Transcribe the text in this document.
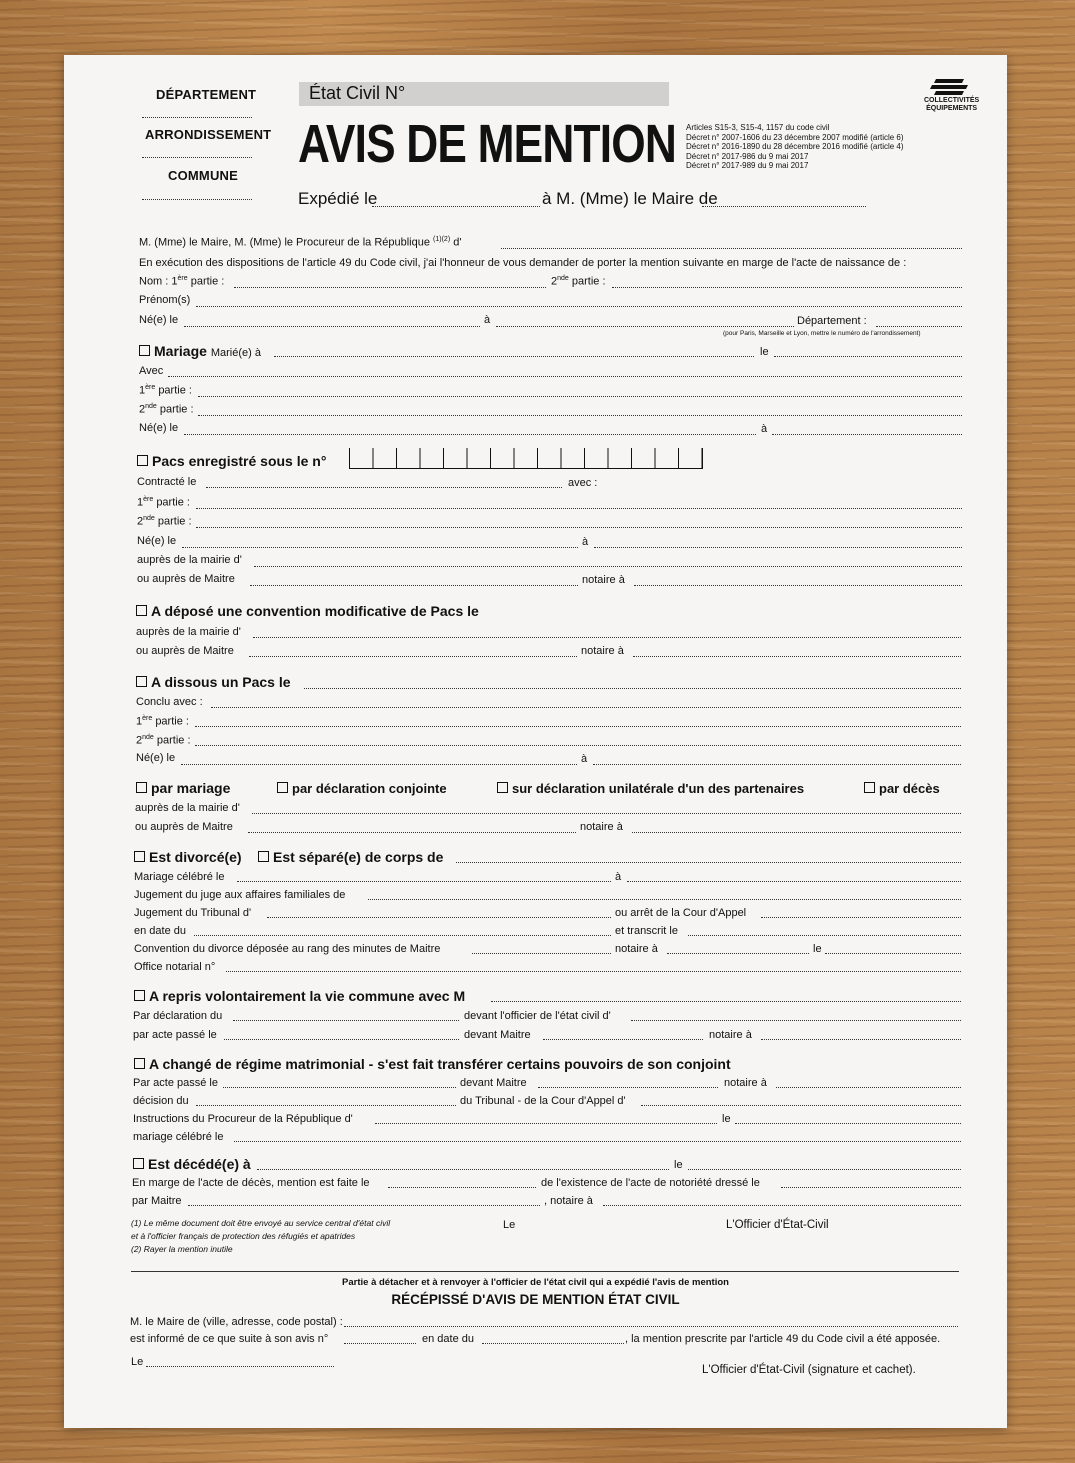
DÉPARTEMENT
ARRONDISSEMENT
COMMUNE
État Civil N°
AVIS DE MENTION
Expédié le	à M. (Mme) le Maire de
Articles S15-3, S15-4, 1157 du code civil
Décret n° 2007-1606 du 23 décembre 2007 modifié (article 6)
Décret n° 2016-1890 du 28 décembre 2016 modifié (article 4)
Décret n° 2017-986 du 9 mai 2017
Décret n° 2017-989 du 9 mai 2017
COLLECTIVITÉS
ÉQUIPEMENTS
M. (Mme) le Maire, M. (Mme) le Procureur de la République $^{(1)(2)}$ d'
En exécution des dispositions de l'article 49 du Code civil, j'ai l'honneur de vous demander de porter la mention suivante en marge de l'acte de naissance de :
Nom : 1ère partie :	2nde partie :
Prénom(s)
Né(e) le	à	Département :
(pour Paris, Marseille et Lyon, mettre le numéro de l'arrondissement)
Mariage Marié(e) à	le
Avec
1ère partie :
2nde partie :
Né(e) le	à
Pacs enregistré sous le n°
Contracté le	avec :
1ère partie :
2nde partie :
Né(e) le	à
auprès de la mairie d'
ou auprès de Maitre	notaire à
A déposé une convention modificative de Pacs le
auprès de la mairie d'
ou auprès de Maitre	notaire à
A dissous un Pacs le
Conclu avec :
1ère partie :
2nde partie :
Né(e) le	à
par mariage	par déclaration conjointe	sur déclaration unilatérale d'un des partenaires	par décès
auprès de la mairie d'
ou auprès de Maitre	notaire à
Est divorcé(e)	Est séparé(e) de corps de
Mariage célébré le	à
Jugement du juge aux affaires familiales de
Jugement du Tribunal d'	ou arrêt de la Cour d'Appel
en date du	et transcrit le
Convention du divorce déposée au rang des minutes de Maitre	notaire à	le
Office notarial n°
A repris volontairement la vie commune avec M
Par déclaration du	devant l'officier de l'état civil d'
par acte passé le	devant Maitre	notaire à
A changé de régime matrimonial - s'est fait transférer certains pouvoirs de son conjoint
Par acte passé le	devant Maitre	notaire à
décision du	du Tribunal - de la Cour d'Appel d'
Instructions du Procureur de la République d'	le
mariage célébré le
Est décédé(e) à	le
En marge de l'acte de décès, mention est faite le	de l'existence de l'acte de notoriété dressé le
par Maitre	, notaire à
(1) Le même document doit être envoyé au service central d'état civil
et à l'officier français de protection des réfugiés et apatrides
(2) Rayer la mention inutile
Le	L'Officier d'État-Civil
Partie à détacher et à renvoyer à l'officier de l'état civil qui a expédié l'avis de mention
RÉCÉPISSÉ D'AVIS DE MENTION ÉTAT CIVIL
M. le Maire de (ville, adresse, code postal) :
est informé de ce que suite à son avis n°	en date du	, la mention prescrite par l'article 49 du Code civil a été apposée.
Le
L'Officier d'État-Civil (signature et cachet).
